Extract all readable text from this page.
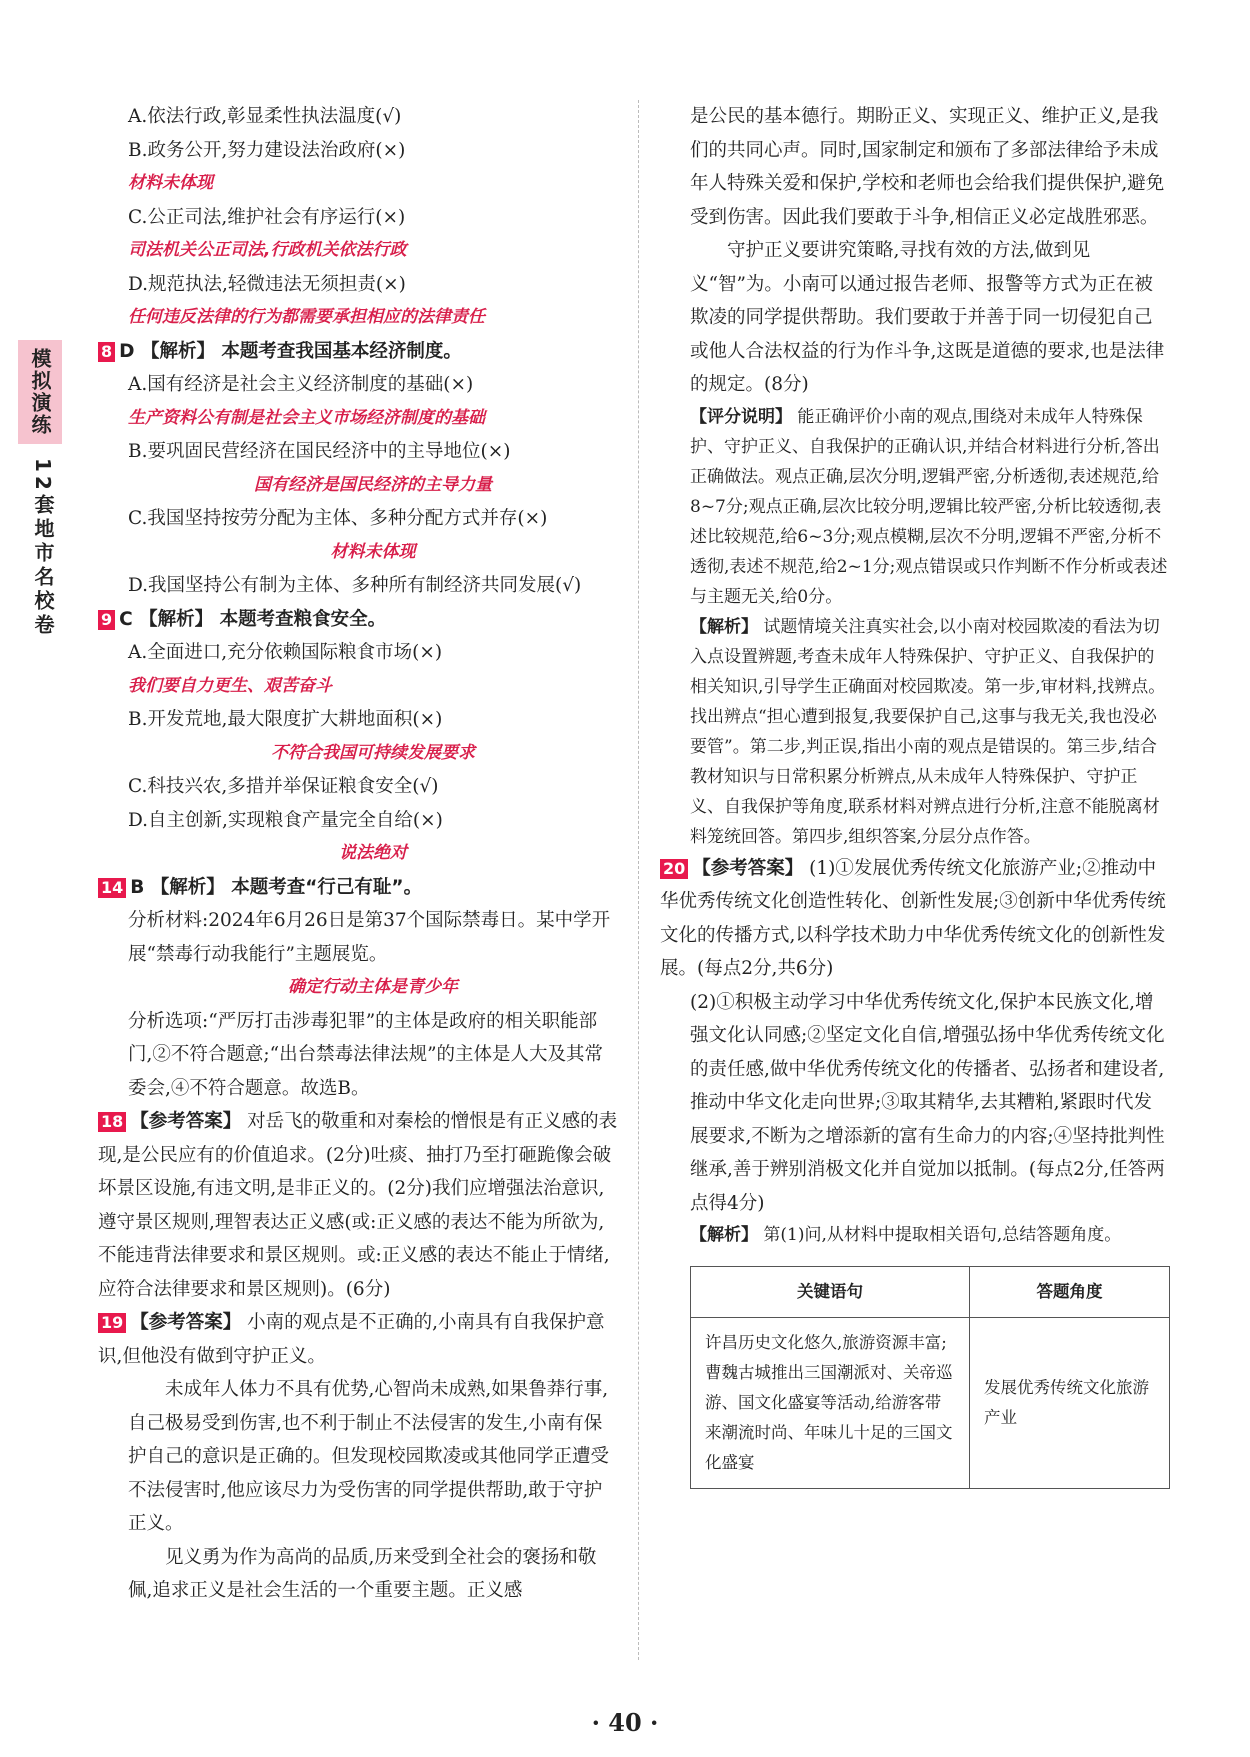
模拟演练
12套地市名校卷

A.依法行政,彰显柔性执法温度(√)

B.政务公开,努力建设法治政府(×)

材料未体现

C.公正司法,维护社会有序运行(×)

司法机关公正司法,行政机关依法行政

D.规范执法,轻微违法无须担责(×)

任何违反法律的行为都需要承担相应的法律责任

8 D 【解析】 本题考查我国基本经济制度。

A.国有经济是社会主义经济制度的基础(×)

生产资料公有制是社会主义市场经济制度的基础

B.要巩固民营经济在国民经济中的主导地位(×)

国有经济是国民经济的主导力量

C.我国坚持按劳分配为主体、多种分配方式并存(×)

材料未体现

D.我国坚持公有制为主体、多种所有制经济共同发展(√)

9 C 【解析】 本题考查粮食安全。

A.全面进口,充分依赖国际粮食市场(×)

我们要自力更生、艰苦奋斗

B.开发荒地,最大限度扩大耕地面积(×)

不符合我国可持续发展要求

C.科技兴农,多措并举保证粮食安全(√)

D.自主创新,实现粮食产量完全自给(×)

说法绝对

14 B 【解析】 本题考查“行己有耻”。

分析材料:2024年6月26日是第37个国际禁毒日。某中学开展“禁毒行动我能行”主题展览。

确定行动主体是青少年

分析选项:“严厉打击涉毒犯罪”的主体是政府的相关职能部门,②不符合题意;“出台禁毒法律法规”的主体是人大及其常委会,④不符合题意。故选B。

18 【参考答案】 对岳飞的敬重和对秦桧的憎恨是有正义感的表现,是公民应有的价值追求。(2分)吐痰、抽打乃至打砸跪像会破坏景区设施,有违文明,是非正义的。(2分)我们应增强法治意识,遵守景区规则,理智表达正义感(或:正义感的表达不能为所欲为,不能违背法律要求和景区规则。或:正义感的表达不能止于情绪,应符合法律要求和景区规则)。(6分)

19 【参考答案】 小南的观点是不正确的,小南具有自我保护意识,但他没有做到守护正义。

未成年人体力不具有优势,心智尚未成熟,如果鲁莽行事,自己极易受到伤害,也不利于制止不法侵害的发生,小南有保护自己的意识是正确的。但发现校园欺凌或其他同学正遭受不法侵害时,他应该尽力为受伤害的同学提供帮助,敢于守护正义。

见义勇为作为高尚的品质,历来受到全社会的褒扬和敬佩,追求正义是社会生活的一个重要主题。正义感

是公民的基本德行。期盼正义、实现正义、维护正义,是我们的共同心声。同时,国家制定和颁布了多部法律给予未成年人特殊关爱和保护,学校和老师也会给我们提供保护,避免受到伤害。因此我们要敢于斗争,相信正义必定战胜邪恶。

守护正义要讲究策略,寻找有效的方法,做到见义“智”为。小南可以通过报告老师、报警等方式为正在被欺凌的同学提供帮助。我们要敢于并善于同一切侵犯自己或他人合法权益的行为作斗争,这既是道德的要求,也是法律的规定。(8分)

【评分说明】 能正确评价小南的观点,围绕对未成年人特殊保护、守护正义、自我保护的正确认识,并结合材料进行分析,答出正确做法。观点正确,层次分明,逻辑严密,分析透彻,表述规范,给8~7分;观点正确,层次比较分明,逻辑比较严密,分析比较透彻,表述比较规范,给6~3分;观点模糊,层次不分明,逻辑不严密,分析不透彻,表述不规范,给2~1分;观点错误或只作判断不作分析或表述与主题无关,给0分。

【解析】 试题情境关注真实社会,以小南对校园欺凌的看法为切入点设置辨题,考查未成年人特殊保护、守护正义、自我保护的相关知识,引导学生正确面对校园欺凌。第一步,审材料,找辨点。找出辨点“担心遭到报复,我要保护自己,这事与我无关,我也没必要管”。第二步,判正误,指出小南的观点是错误的。第三步,结合教材知识与日常积累分析辨点,从未成年人特殊保护、守护正义、自我保护等角度,联系材料对辨点进行分析,注意不能脱离材料笼统回答。第四步,组织答案,分层分点作答。

20 【参考答案】 (1)①发展优秀传统文化旅游产业;②推动中华优秀传统文化创造性转化、创新性发展;③创新中华优秀传统文化的传播方式,以科学技术助力中华优秀传统文化的创新性发展。(每点2分,共6分)

(2)①积极主动学习中华优秀传统文化,保护本民族文化,增强文化认同感;②坚定文化自信,增强弘扬中华优秀传统文化的责任感,做中华优秀传统文化的传播者、弘扬者和建设者,推动中华文化走向世界;③取其精华,去其糟粕,紧跟时代发展要求,不断为之增添新的富有生命力的内容;④坚持批判性继承,善于辨别消极文化并自觉加以抵制。(每点2分,任答两点得4分)

【解析】 第(1)问,从材料中提取相关语句,总结答题角度。

关键语句	答题角度
许昌历史文化悠久,旅游资源丰富;曹魏古城推出三国潮派对、关帝巡游、国文化盛宴等活动,给游客带来潮流时尚、年味儿十足的三国文化盛宴	发展优秀传统文化旅游产业
· 40 ·
